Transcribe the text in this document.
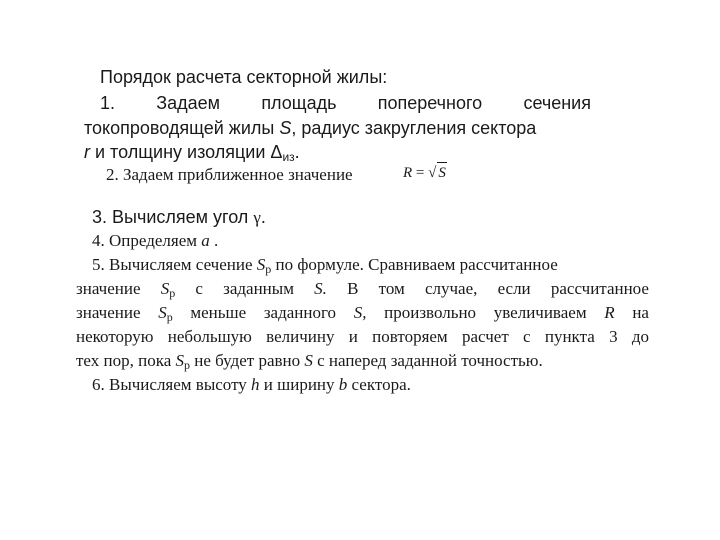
Порядок расчета секторной жилы:
1. Задаем площадь поперечного сечения
токопроводящей жилы S, радиус закругления сектора
r и толщину изоляции $\Delta_{из}$.
2. Задаем приближенное значение	R = √ S
3. Вычисляем угол γ.
4. Определяем a .
5. Вычисляем сечение $S_р$ по формуле. Сравниваем рассчитанное
значение $S_р$ с заданным S. В том случае, если рассчитанное
значение $S_р$ меньше заданного S, произвольно увеличиваем R на
некоторую небольшую величину и повторяем расчет с пункта 3 до
тех пор, пока $S_р$ не будет равно S с наперед заданной точностью.
6. Вычисляем высоту h и ширину b сектора.
